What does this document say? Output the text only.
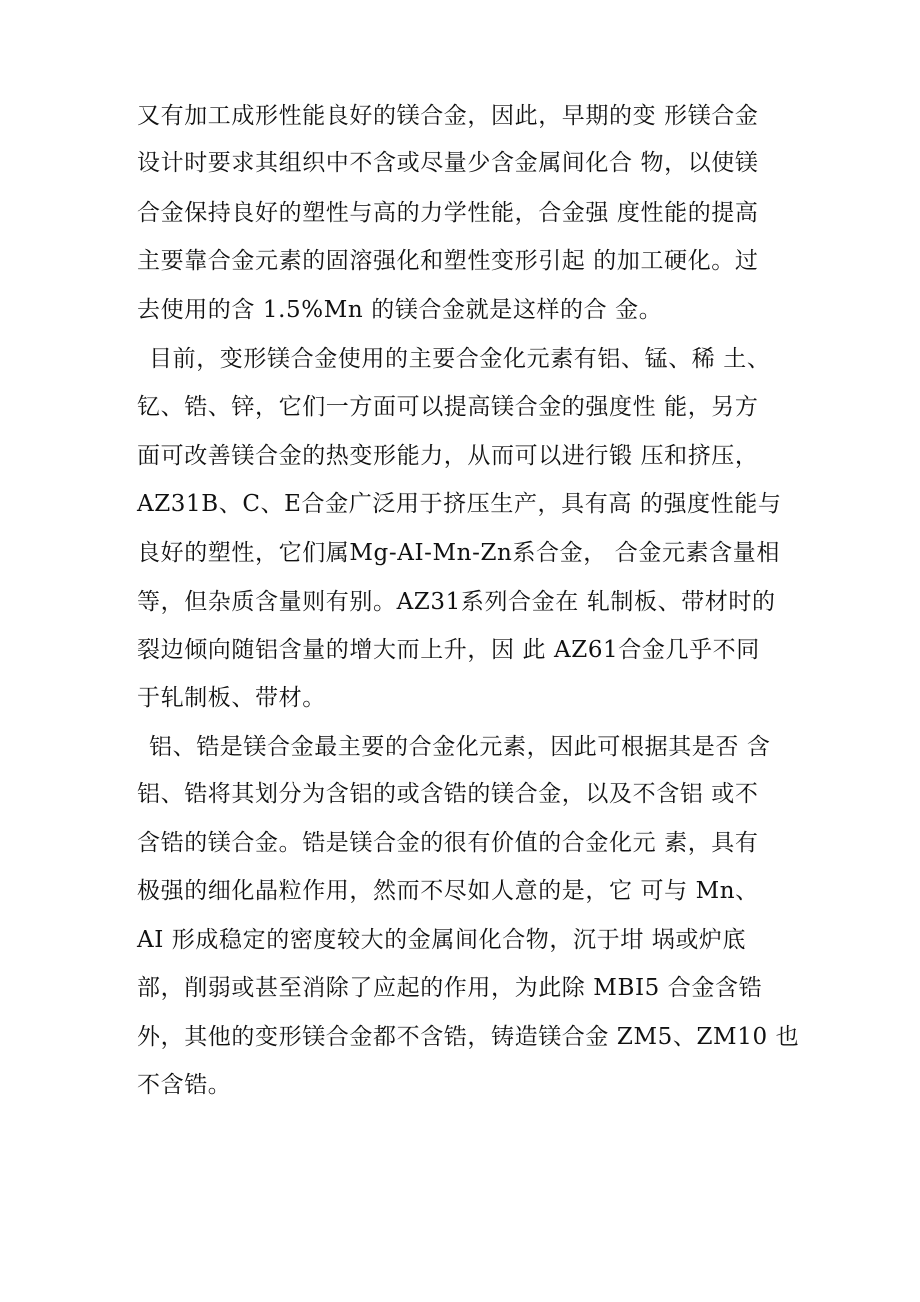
又有加工成形性能良好的镁合金，因此，早期的变 形镁合金
设计时要求其组织中不含或尽量少含金属间化合 物，以使镁
合金保持良好的塑性与高的力学性能，合金强 度性能的提高
主要靠合金元素的固溶强化和塑性变形引起 的加工硬化。过
去使用的含 1.5%Mn 的镁合金就是这样的合 金。
目前，变形镁合金使用的主要合金化元素有铝、锰、稀 土、
钇、锆、锌，它们一方面可以提高镁合金的强度性 能，另方
面可改善镁合金的热变形能力，从而可以进行锻 压和挤压，
AZ31B、C、E合金广泛用于挤压生产，具有高 的强度性能与
良好的塑性，它们属Mg-AI-Mn-Zn系合金， 合金元素含量相
等，但杂质含量则有别。AZ31系列合金在 轧制板、带材时的
裂边倾向随铝含量的增大而上升，因 此 AZ61合金几乎不同
于轧制板、带材。
铝、锆是镁合金最主要的合金化元素，因此可根据其是否 含
铝、锆将其划分为含铝的或含锆的镁合金，以及不含铝 或不
含锆的镁合金。锆是镁合金的很有价值的合金化元 素，具有
极强的细化晶粒作用，然而不尽如人意的是，它 可与 Mn、
AI 形成稳定的密度较大的金属间化合物，沉于坩 埚或炉底
部，削弱或甚至消除了应起的作用，为此除 MBI5 合金含锆
外，其他的变形镁合金都不含锆，铸造镁合金 ZM5、ZM10 也
不含锆。
